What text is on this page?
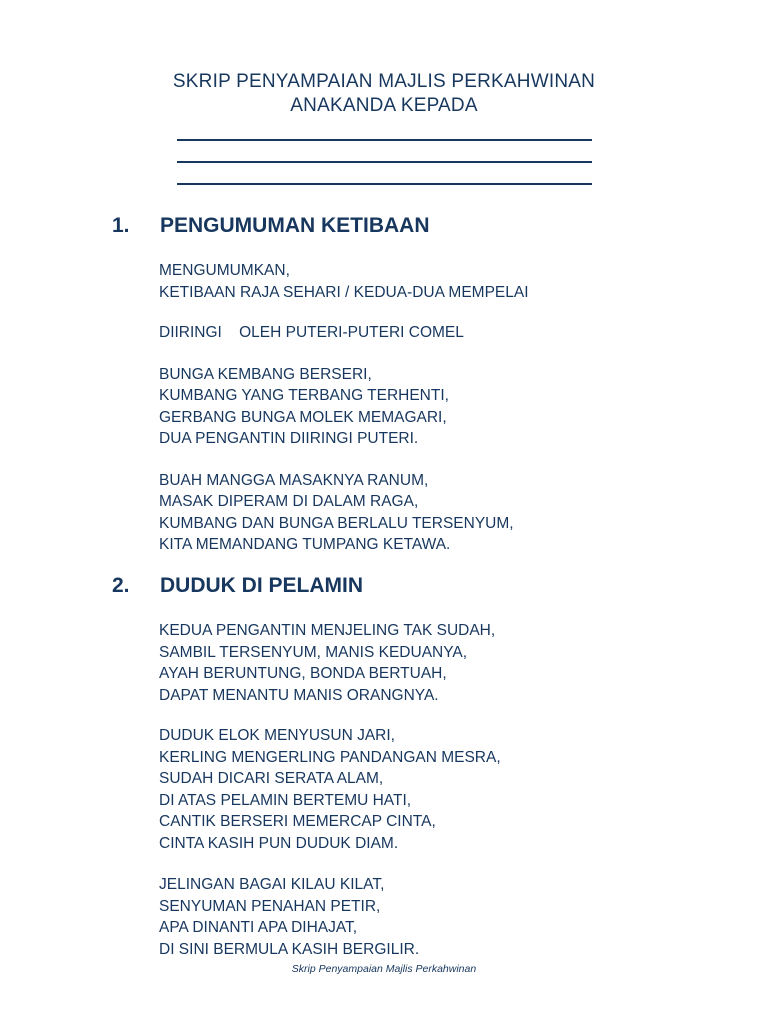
SKRIP PENYAMPAIAN MAJLIS PERKAHWINAN
ANAKANDA KEPADA
1. PENGUMUMAN KETIBAAN
MENGUMUMKAN,
KETIBAAN RAJA SEHARI / KEDUA-DUA MEMPELAI
DIIRINGI    OLEH PUTERI-PUTERI COMEL
BUNGA KEMBANG BERSERI,
KUMBANG YANG TERBANG TERHENTI,
GERBANG BUNGA MOLEK MEMAGARI,
DUA PENGANTIN DIIRINGI PUTERI.
BUAH MANGGA MASAKNYA RANUM,
MASAK DIPERAM DI DALAM RAGA,
KUMBANG DAN BUNGA BERLALU TERSENYUM,
KITA MEMANDANG TUMPANG KETAWA.
2. DUDUK DI PELAMIN
KEDUA PENGANTIN MENJELING TAK SUDAH,
SAMBIL TERSENYUM, MANIS KEDUANYA,
AYAH BERUNTUNG, BONDA BERTUAH,
DAPAT MENANTU MANIS ORANGNYA.
DUDUK ELOK MENYUSUN JARI,
KERLING MENGERLING PANDANGAN MESRA,
SUDAH DICARI SERATA ALAM,
DI ATAS PELAMIN BERTEMU HATI,
CANTIK BERSERI MEMERCAP CINTA,
CINTA KASIH PUN DUDUK DIAM.
JELINGAN BAGAI KILAU KILAT,
SENYUMAN PENAHAN PETIR,
APA DINANTI APA DIHAJAT,
DI SINI BERMULA KASIH BERGILIR.
Skrip Penyampaian Majlis Perkahwinan
